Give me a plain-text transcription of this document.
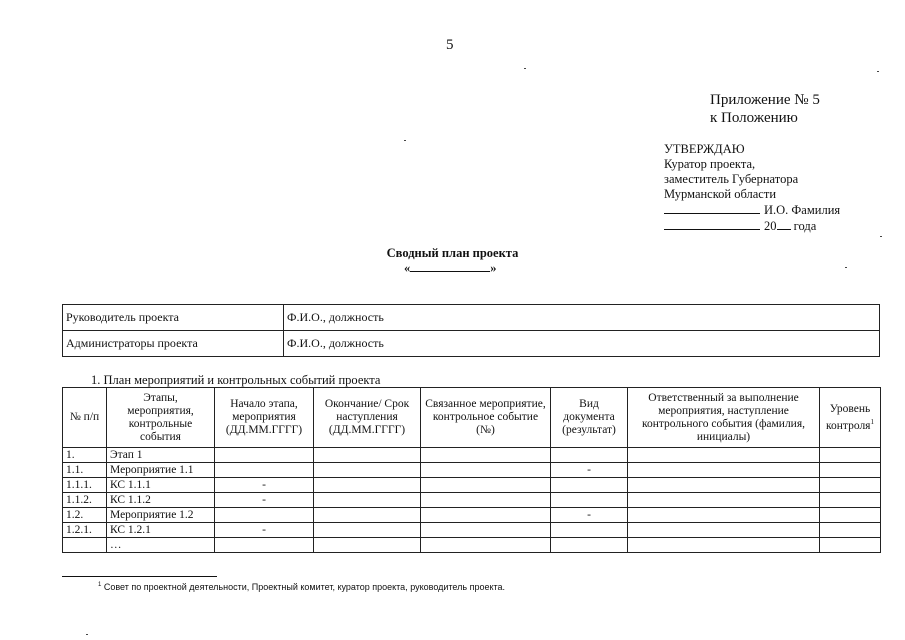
5
Приложение № 5
к Положению
УТВЕРЖДАЮ
Куратор проекта,
заместитель Губернатора
Мурманской области
И.О. Фамилия
20 года
Сводный план проекта
«	»
Руководитель проекта	Ф.И.О., должность
Администраторы проекта	Ф.И.О., должность
1. План мероприятий и контрольных событий проекта
№ п/п	Этапы, мероприятия, контрольные события	Начало этапа, мероприятия (ДД.ММ.ГГГГ)	Окончание/ Срок наступления (ДД.ММ.ГГГГ)	Связанное мероприятие, контрольное событие (№)	Вид документа (результат)	Ответственный за выполнение мероприятия, наступление контрольного события (фамилия, инициалы)	Уровень контроля$^1$
1.	Этап 1						
1.1.	Мероприятие 1.1				-		
1.1.1.	КС 1.1.1	-					
1.1.2.	КС 1.1.2	-					
1.2.	Мероприятие 1.2				-		
1.2.1.	КС 1.2.1	-					
	…						
$^1$ Совет по проектной деятельности, Проектный комитет, куратор проекта, руководитель проекта.
